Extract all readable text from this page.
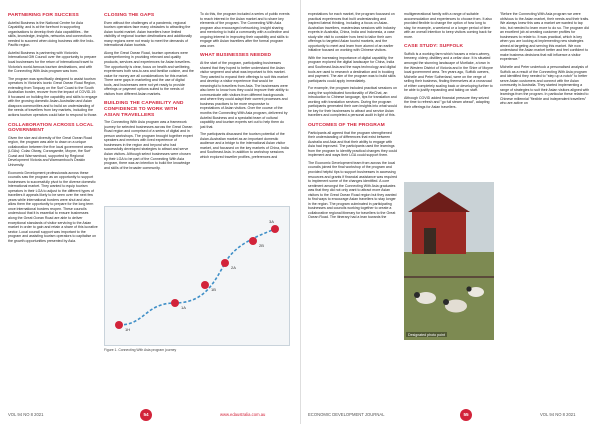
PARTNERING FOR SUCCESS

Autelist Business is the National Centre for Asia Capability, and is at the forefront in supporting organisations to develop their Asia capabilities - the skills, knowledge, insights, networks and connections needed to succeed when doing business with the Indo-Pacific region.

Autelist Business is partnering with Victoria's International Gift Council over the opportunity to prepare local businesses for the return of international travel to Victoria's world-famous tourism destinations, and with the Connecting With Asia program was born.

The program was specifically designed to assist tourism operators in Victoria's iconic Great Ocean Road Region, extending from Torquay on the Surf Coast to the South Australian border, recover from the impact of COVID-19. It focussed on building the capability and skills to engage with the growing domestic Asian-Australian and Asian diaspora communities and to build an understanding of the needs of travellers from key markets, including the actions tourism operators could take to respond to those.

COLLABORATION ACROSS LOCAL GOVERNMENT

Given the size and diversity of the Great Ocean Road region, the program was able to draw on a unique collaboration between the five local government areas (LGAs): Colac Otway, Corangamite, Moyne, the Surf Coast and Warrnambool, supported by Regional Development Victoria and Warrnambool's Deakin University.

Economic Development professionals across these councils saw the program as an opportunity to support businesses to successfully pivot to the diverse domestic international market. They wanted to equip tourism operators in their LGA to adjust to the different types of travellers it appeals likely to be seen over the next few years while international borders were shut and also allow them the opportunity to prepare for the long term once international borders reopen. These councils understood that it is essential to ensure businesses along the Great Ocean Road are able to deliver exceptional standards of visitor servicing to the Asian market in order to gain and retain a share of this lucrative sector. Local council support was important to the program and assisting tourism operators to capitalise on the growth opportunities presented by Asia.

CLOSING THE GAPS

Even without the challenges of a pandemic, regional tourism operators face many obstacles to attracting the Asian tourist market. Asian travellers have limited visibility of regional tourism destinations and additionally many regions were not ready to meet the demands of international Asian tourists.

Along the Great Ocean Road, tourism operators were underperforming in providing relevant and quality products, services and experiences for Asian travellers. The opportunity is clear, focus on health and wellbeing, experiences both sea-to-sea and familiar cuisine, and the value for money are all considerations for this market. There were gaps in marketing and the use of digital tools, and businesses were not yet ready to provide offerings or payment options suited to the needs of visitors from different Asian markets.

BUILDING THE CAPABILITY AND CONFIDENCE TO WORK WITH ASIAN TRAVELLERS

The Connecting With Asia program was a framework journey for selected businesses across the Great Ocean Road region and comprised of a series of digital and in person workshops. The program brought together expert speakers and mentors with lived experience of businesses in the region and beyond who had successfully developed strategies to attract and serve Asian visitors. Although select businesses were chosen by their LGA to be part of the Connecting With Asia program, there was an intention to build the knowledge and skills of the broader community.

To do this, the program included a series of public events to reach interest in the Asian market and to share key elements of the program. The Connecting With Asia program also encouraged networking, insight sharing and mentoring to build a community with a collective and ongoing interest in improving their capability and skills to engage with Asian travellers after the formal program was over.

WHAT BUSINESSES NEEDED

At the start of the program, participating businesses shared that they hoped to better understand the Asian visitor segment and what was important to this market. They wanted to expand their offerings to suit this market and develop a visitor experience that would be meaningful to travellers from Asia. The businesses were also keen to know how they could improve their ability to communicate with visitors from different backgrounds and where they could adapt their current processes and business practices to be more responsive to expectations of Asian visitors. Over the course of the months the Connecting With Asia program, delivered by Autelist Business and a specialist team of cultural capability and tourism experts set out to help them do just that.

The participants discussed the tourism potential of the Asian-Australian market as an important domestic audience and a bridge to the international Asian visitor market, and focussed on the key markets of China, India and Southeast Asia. In addition to workshop sessions which explored traveller profiles, preferences and

1H
1A
1B
2A
2B
3A
Figure 1. Connecting With Asia program journey

expectations for each market, the program focussed on practical experiences that built understanding and inspired lateral thinking, including a focus on Asian-Australian travellers, masterclass sessions with industry experts in Australia, China, India and Indonesia, a case study site visit to consider how best to tailor their own offerings to targeted Asian tourist markets, and the opportunity to meet and learn from alumni of an earlier initiative focused on working with Chinese visitors.

With the increasing importance of digital capability, the program explored the digital landscape for China, India and Southeast Asia and the ways technology and digital tools are used to research a destination and in booking and payment. The aim of the program was to build skills participants could apply immediately.

For example, the program included practical sessions on using the sophisticated functionality of WeChat, an introduction to Chinese language, tips for translation and working with translation services. During the program participants generated their own insights into what would be key for their businesses to attract and service Asian travellers and completed a personal audit in light of this.

OUTCOMES OF THE PROGRAM

Participants all agreed that the program strengthened their understanding of differences that exist between Australia and Asia and that their ability to engage with Asia had improved. The participants used the learnings from the program to identify practical changes they could implement and ways their LGA could support them.

The Economic Development team from across the local councils joined the final workshop of the program and provided helpful tips to support businesses in accessing resources and grants if financial assistance was required to implement some of the changes identified. A core sentiment amongst the Connecting With Asia graduates was that they did not only want to attract more Asian visitors to the Great Ocean Road region but they wanted to find ways to encourage Asian travellers to stay longer in the region. The program culminated in participating businesses and councils working together to create a collaborative regional itinerary for travellers to the Great Ocean Road. The itinerary had a lean towards the

multigenerational family with a range of suitable accommodation and experiences to choose from. It also provided flexible to change the option of how long to stay, for example, a weekend or a longer period of time with an overall intention to keep visitors coming back for more.

CASE STUDY: SUFFOLK

Suffolk is a working farm which houses a micro-winery, brewery, cidery, distillery and a cellar door. It is situated amongst the stunning landscape of Mortlake, a town in the Western District of Victoria and in the Shire of Moyne local government area. Ten years ago, Suffolk owners, Michelle and Peter Sutherland, were on the verge of selling their business, finding themselves at a crossroad of either completely scaling back or developing further to be able to justify expanding and taking on staff.

Although COVID added financial pressure they seized the time to refresh and "go full steam ahead", adapting their offerings for Asian travellers.

"Before the Connecting With Asia program we were oblivious to the Asian market, their needs and their traits. We always knew this was a market we wanted to tap into, but needed to learn more to do so. The program did an excellent job at creating customer profiles for businesses to relate to. It was practical, which is key when you are looking at implementing new strategies aimed at targeting and serving this market. We now understand the Asian market better and feel confident to make business decisions that will influence a visitor experience."

Michelle and Peter undertook a personalised analysis of Suffolk as a result of the Connecting With Asia program and identified they needed to "step up a notch" to better serve Asian customers and connect with the Asian community in Australia. They started implementing a range of strategies to suit their Asian visitors aligned with learnings from the program. In particular these related to Chinese millennial "flexible and independent travellers" who are active on

Designated photo point
VOL 94 NO 8 2021	54	www.edaustralia.com.au	ECONOMIC DEVELOPMENT JOURNAL	55	VOL 94 NO 8 2021
